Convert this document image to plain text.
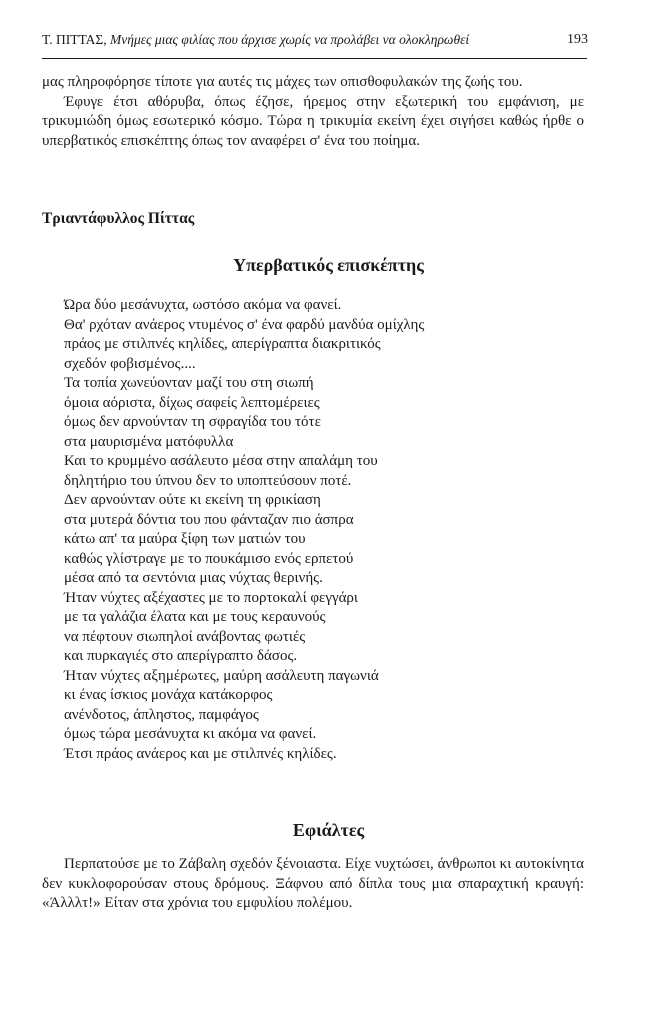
Τ. ΠΙΤΤΑΣ, Μνήμες μιας φιλίας που άρχισε χωρίς να προλάβει να ολοκληρωθεί	193

μας πληροφόρησε τίποτε για αυτές τις μάχες των οπισθοφυλακών της ζωής του.

Έφυγε έτσι αθόρυβα, όπως έζησε, ήρεμος στην εξωτερική του εμφάνιση, με τρικυμιώδη όμως εσωτερικό κόσμο. Τώρα η τρικυμία εκείνη έχει σιγήσει καθώς ήρθε ο υπερβατικός επισκέπτης όπως τον αναφέρει σ' ένα του ποίημα.

Τριαντάφυλλος Πίττας
Υπερβατικός επισκέπτης
Ώρα δύο μεσάνυχτα, ωστόσο ακόμα να φανεί.
Θα' ρχόταν ανάερος ντυμένος σ' ένα φαρδύ μανδύα ομίχλης
πράος με στιλπνές κηλίδες, απερίγραπτα διακριτικός
σχεδόν φοβισμένος....
Τα τοπία χωνεύονταν μαζί του στη σιωπή
όμοια αόριστα, δίχως σαφείς λεπτομέρειες
όμως δεν αρνούνταν τη σφραγίδα του τότε
στα μαυρισμένα ματόφυλλα
Και το κρυμμένο ασάλευτο μέσα στην απαλάμη του
δηλητήριο του ύπνου δεν το υποπτεύσουν ποτέ.
Δεν αρνούνταν ούτε κι εκείνη τη φρικίαση
στα μυτερά δόντια του που φάνταζαν πιο άσπρα
κάτω απ' τα μαύρα ξίφη των ματιών του
καθώς γλίστραγε με το πουκάμισο ενός ερπετού
μέσα από τα σεντόνια μιας νύχτας θερινής.
Ήταν νύχτες αξέχαστες με το πορτοκαλί φεγγάρι
με τα γαλάζια έλατα και με τους κεραυνούς
να πέφτουν σιωπηλοί ανάβοντας φωτιές
και πυρκαγιές στο απερίγραπτο δάσος.
Ήταν νύχτες αξημέρωτες, μαύρη ασάλευτη παγωνιά
κι ένας ίσκιος μονάχα κατάκορφος
ανένδοτος, άπληστος, παμφάγος
όμως τώρα μεσάνυχτα κι ακόμα να φανεί.
Έτσι πράος ανάερος και με στιλπνές κηλίδες.
Εφιάλτες

Περπατούσε με το Ζάβαλη σχεδόν ξένοιαστα. Είχε νυχτώσει, άνθρωποι κι αυτοκίνητα δεν κυκλοφορούσαν στους δρόμους. Ξάφνου από δίπλα τους μια σπαραχτική κραυγή: «Άλλλτ!» Είταν στα χρόνια του εμφυλίου πολέμου.
